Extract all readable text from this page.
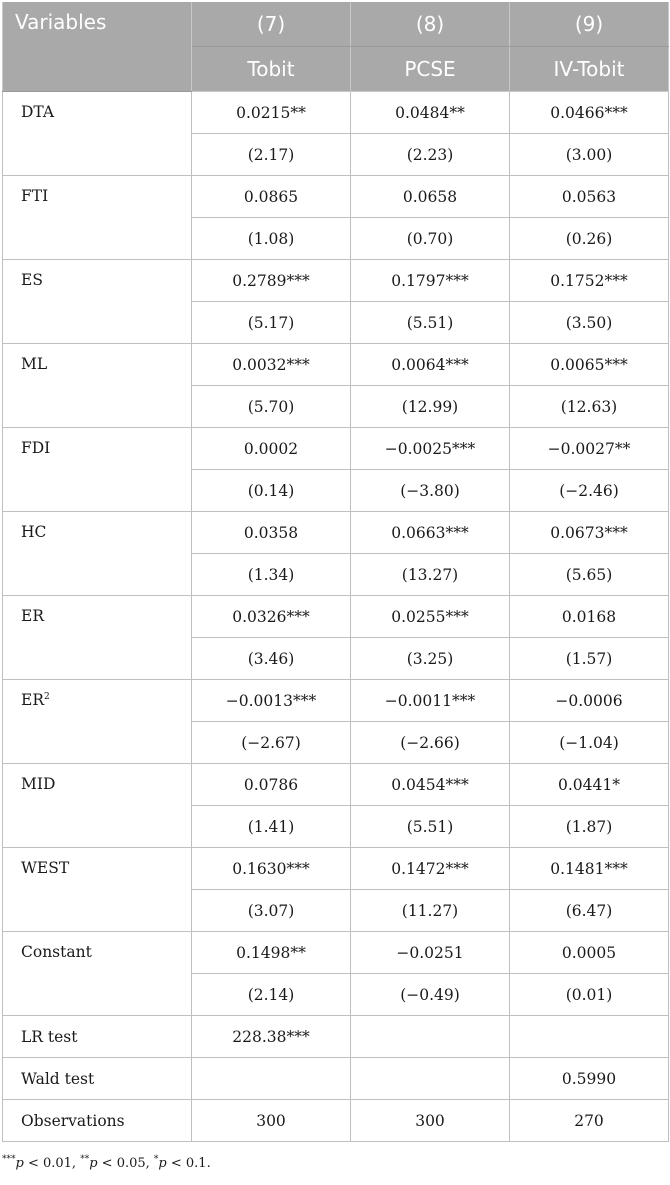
Variables	(7)	(8)	(9)
	Tobit	PCSE	IV-Tobit
DTA	0.0215**	0.0484**	0.0466***
	(2.17)	(2.23)	(3.00)
FTI	0.0865	0.0658	0.0563
	(1.08)	(0.70)	(0.26)
ES	0.2789***	0.1797***	0.1752***
	(5.17)	(5.51)	(3.50)
ML	0.0032***	0.0064***	0.0065***
	(5.70)	(12.99)	(12.63)
FDI	0.0002	−0.0025***	−0.0027**
	(0.14)	(−3.80)	(−2.46)
HC	0.0358	0.0663***	0.0673***
	(1.34)	(13.27)	(5.65)
ER	0.0326***	0.0255***	0.0168
	(3.46)	(3.25)	(1.57)
$ER^2$	−0.0013***	−0.0011***	−0.0006
	(−2.67)	(−2.66)	(−1.04)
MID	0.0786	0.0454***	0.0441*
	(1.41)	(5.51)	(1.87)
WEST	0.1630***	0.1472***	0.1481***
	(3.07)	(11.27)	(6.47)
Constant	0.1498**	−0.0251	0.0005
	(2.14)	(−0.49)	(0.01)
LR test	228.38***		
Wald test			0.5990
Observations	300	300	270
***p < 0.01, **p < 0.05, *p < 0.1.
